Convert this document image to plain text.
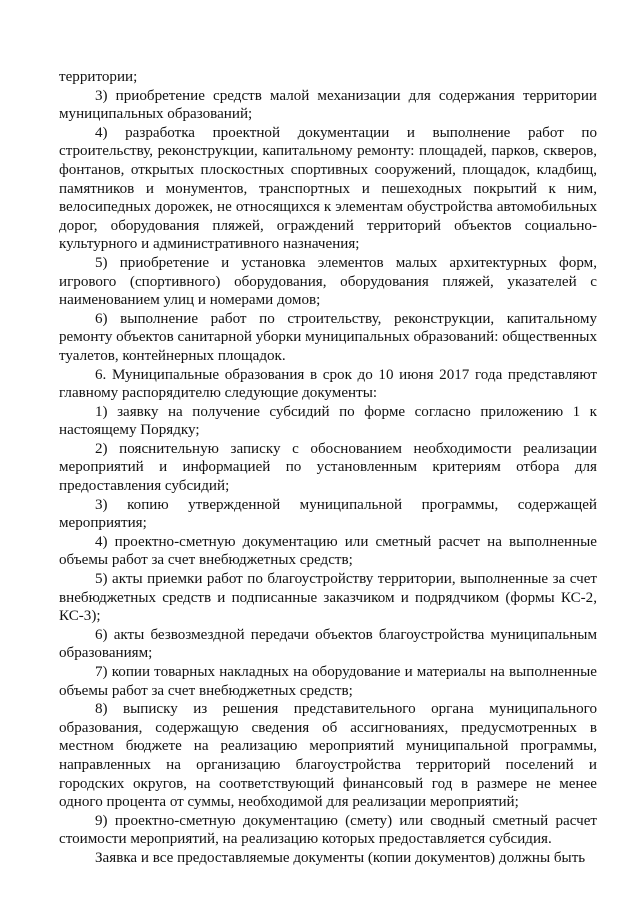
территории;

3) приобретение средств малой механизации для содержания территории муниципальных образований;

4) разработка проектной документации и выполнение работ по строительству, реконструкции, капитальному ремонту: площадей, парков, скверов, фонтанов, открытых плоскостных спортивных сооружений, площадок, кладбищ, памятников и монументов, транспортных и пешеходных покрытий к ним, велосипедных дорожек, не относящихся к элементам обустройства автомобильных дорог, оборудования пляжей, ограждений территорий объектов социально-культурного и административного назначения;

5) приобретение и установка элементов малых архитектурных форм, игрового (спортивного) оборудования, оборудования пляжей, указателей с наименованием улиц и номерами домов;

6) выполнение работ по строительству, реконструкции, капитальному ремонту объектов санитарной уборки муниципальных образований: общественных туалетов, контейнерных площадок.

6. Муниципальные образования в срок до 10 июня 2017 года представляют главному распорядителю следующие документы:

1) заявку на получение субсидий по форме согласно приложению 1 к настоящему Порядку;

2) пояснительную записку с обоснованием необходимости реализации мероприятий и информацией по установленным критериям отбора для предоставления субсидий;

3) копию утвержденной муниципальной программы, содержащей мероприятия;

4) проектно-сметную документацию или сметный расчет на выполненные объемы работ за счет внебюджетных средств;

5) акты приемки работ по благоустройству территории, выполненные за счет внебюджетных средств и подписанные заказчиком и подрядчиком (формы КС-2, КС-3);

6) акты безвозмездной передачи объектов благоустройства муниципальным образованиям;

7) копии товарных накладных на оборудование и материалы на выполненные объемы работ за счет внебюджетных средств;

8) выписку из решения представительного органа муниципального образования, содержащую сведения об ассигнованиях, предусмотренных в местном бюджете на реализацию мероприятий муниципальной программы, направленных на организацию благоустройства территорий поселений и городских округов, на соответствующий финансовый год в размере не менее одного процента от суммы, необходимой для реализации мероприятий;

9) проектно-сметную документацию (смету) или сводный сметный расчет стоимости мероприятий, на реализацию которых предоставляется субсидия.

Заявка и все предоставляемые документы (копии документов) должны быть
